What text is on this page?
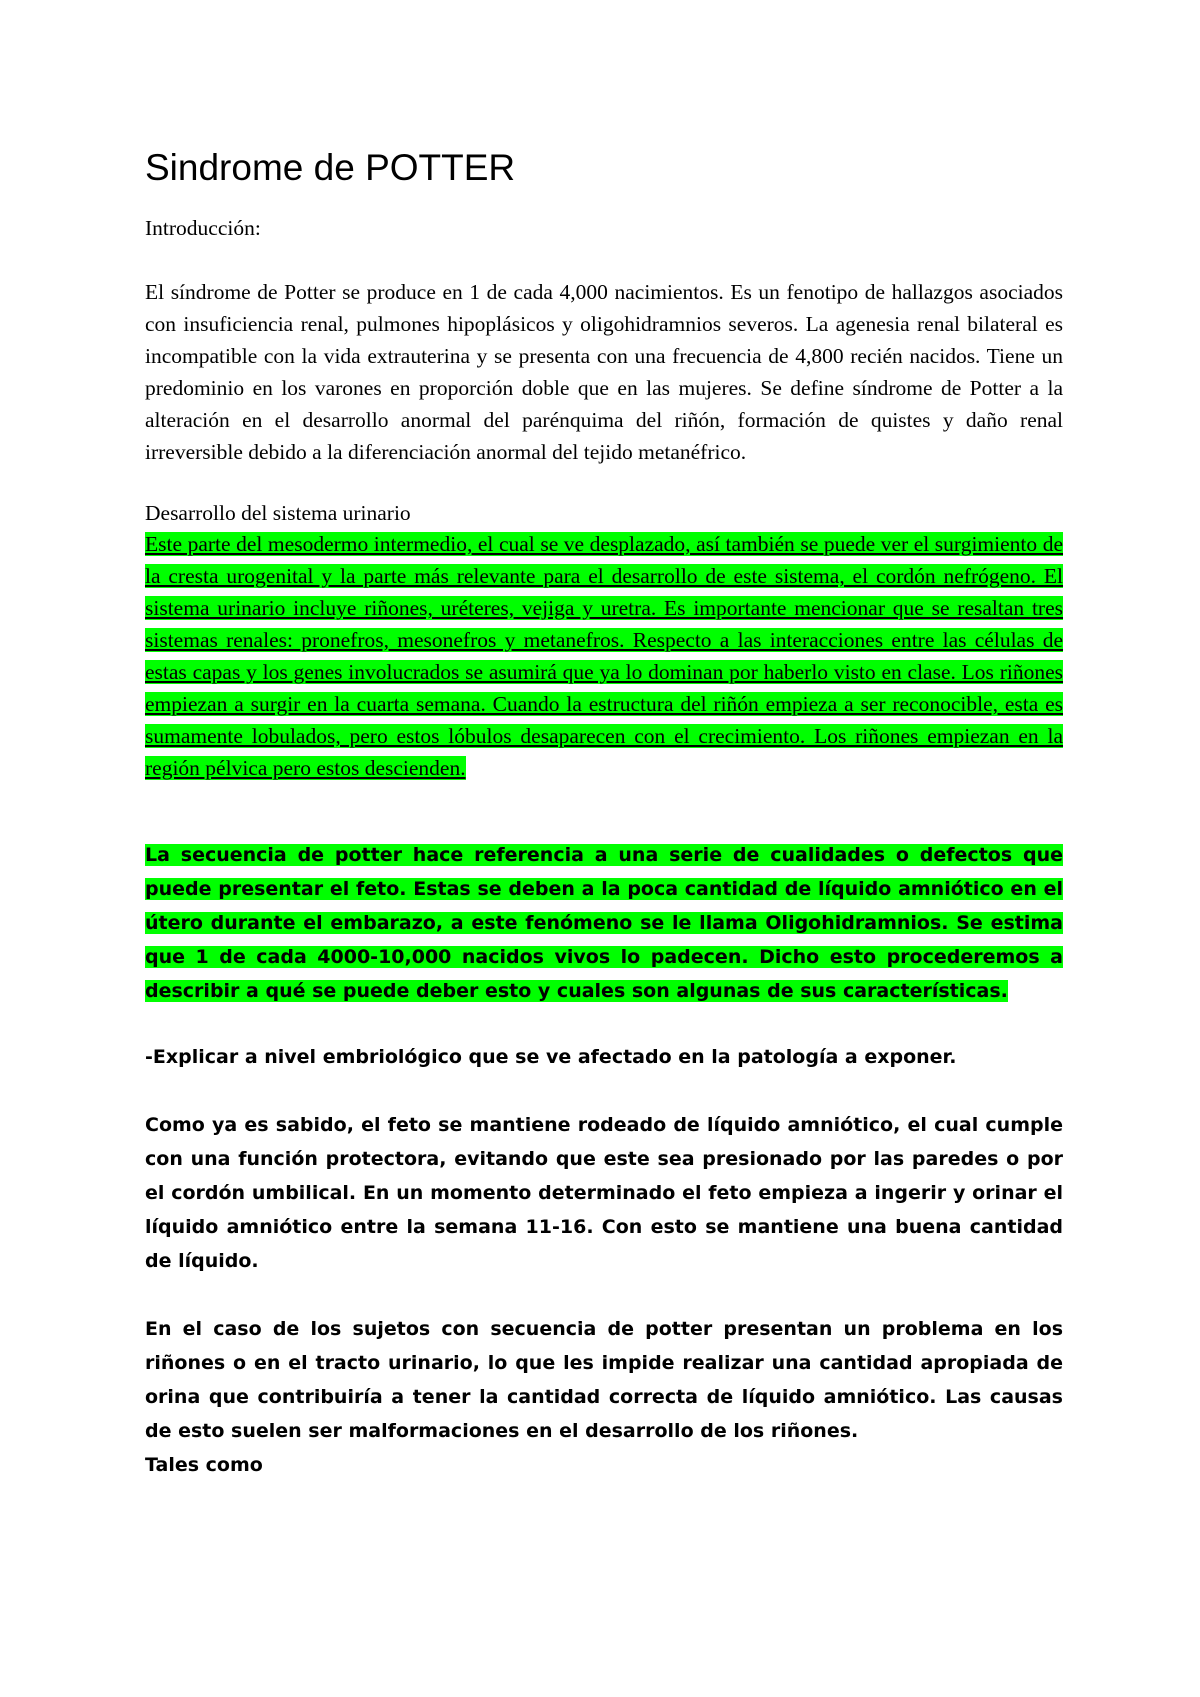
Sindrome de POTTER

Introducción:

El síndrome de Potter se produce en 1 de cada 4,000 nacimientos. Es un fenotipo de hallazgos asociados con insuficiencia renal, pulmones hipoplásicos y oligohidramnios severos. La agenesia renal bilateral es incompatible con la vida extrauterina y se presenta con una frecuencia de 4,800 recién nacidos. Tiene un predominio en los varones en proporción doble que en las mujeres. Se define síndrome de Potter a la alteración en el desarrollo anormal del parénquima del riñón, formación de quistes y daño renal irreversible debido a la diferenciación anormal del tejido metanéfrico.

Desarrollo del sistema urinario

Este parte del mesodermo intermedio, el cual se ve desplazado, así también se puede ver el surgimiento de la cresta urogenital y la parte más relevante para el desarrollo de este sistema, el cordón nefrógeno. El sistema urinario incluye riñones, uréteres, vejiga y uretra. Es importante mencionar que se resaltan tres sistemas renales: pronefros, mesonefros y metanefros. Respecto a las interacciones entre las células de estas capas y los genes involucrados se asumirá que ya lo dominan por haberlo visto en clase. Los riñones empiezan a surgir en la cuarta semana. Cuando la estructura del riñón empieza a ser reconocible, esta es sumamente lobulados, pero estos lóbulos desaparecen con el crecimiento. Los riñones empiezan en la región pélvica pero estos descienden.

La secuencia de potter hace referencia a una serie de cualidades o defectos que puede presentar el feto. Estas se deben a la poca cantidad de líquido amniótico en el útero durante el embarazo, a este fenómeno se le llama Oligohidramnios. Se estima que 1 de cada 4000-10,000 nacidos vivos lo padecen. Dicho esto procederemos a describir a qué se puede deber esto y cuales son algunas de sus características.

-Explicar a nivel embriológico que se ve afectado en la patología a exponer.

Como ya es sabido, el feto se mantiene rodeado de líquido amniótico, el cual cumple con una función protectora, evitando que este sea presionado por las paredes o por el cordón umbilical. En un momento determinado el feto empieza a ingerir y orinar el líquido amniótico entre la semana 11-16. Con esto se mantiene una buena cantidad de líquido.

En el caso de los sujetos con secuencia de potter presentan un problema en los riñones o en el tracto urinario, lo que les impide realizar una cantidad apropiada de orina que contribuiría a tener la cantidad correcta de líquido amniótico. Las causas de esto suelen ser malformaciones en el desarrollo de los riñones.

Tales como
